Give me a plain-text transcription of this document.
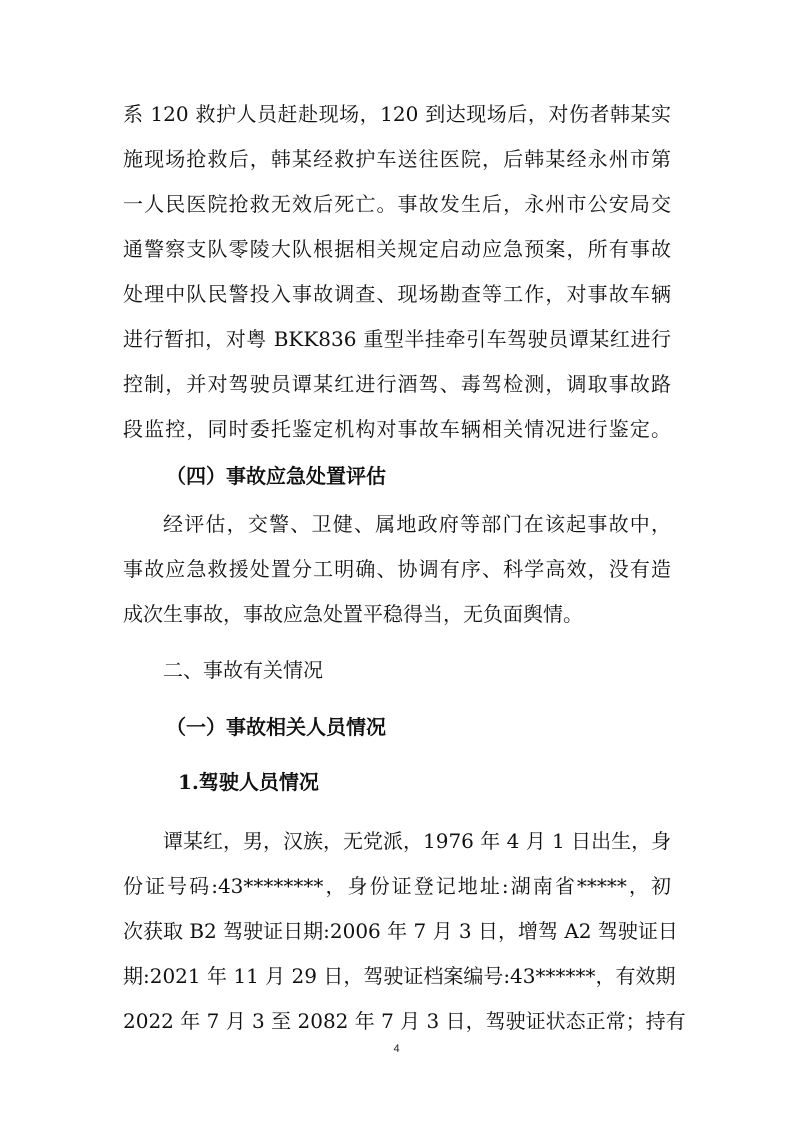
系 120 救护人员赶赴现场，120 到达现场后，对伤者韩某实
施现场抢救后，韩某经救护车送往医院，后韩某经永州市第
一人民医院抢救无效后死亡。事故发生后，永州市公安局交
通警察支队零陵大队根据相关规定启动应急预案，所有事故
处理中队民警投入事故调查、现场勘查等工作，对事故车辆
进行暂扣，对粤 BKK836 重型半挂牵引车驾驶员谭某红进行
控制，并对驾驶员谭某红进行酒驾、毒驾检测，调取事故路
段监控，同时委托鉴定机构对事故车辆相关情况进行鉴定。
（四）事故应急处置评估
经评估，交警、卫健、属地政府等部门在该起事故中，
事故应急救援处置分工明确、协调有序、科学高效，没有造
成次生事故，事故应急处置平稳得当，无负面舆情。
二、事故有关情况
（一）事故相关人员情况
1.驾驶人员情况
谭某红，男，汉族，无党派，1976 年 4 月 1 日出生，身
份证号码:43********，身份证登记地址:湖南省*****，初
次获取 B2 驾驶证日期:2006 年 7 月 3 日，增驾 A2 驾驶证日
期:2021 年 11 月 29 日，驾驶证档案编号:43******，有效期
2022 年 7 月 3 至 2082 年 7 月 3 日，驾驶证状态正常；持有
4
